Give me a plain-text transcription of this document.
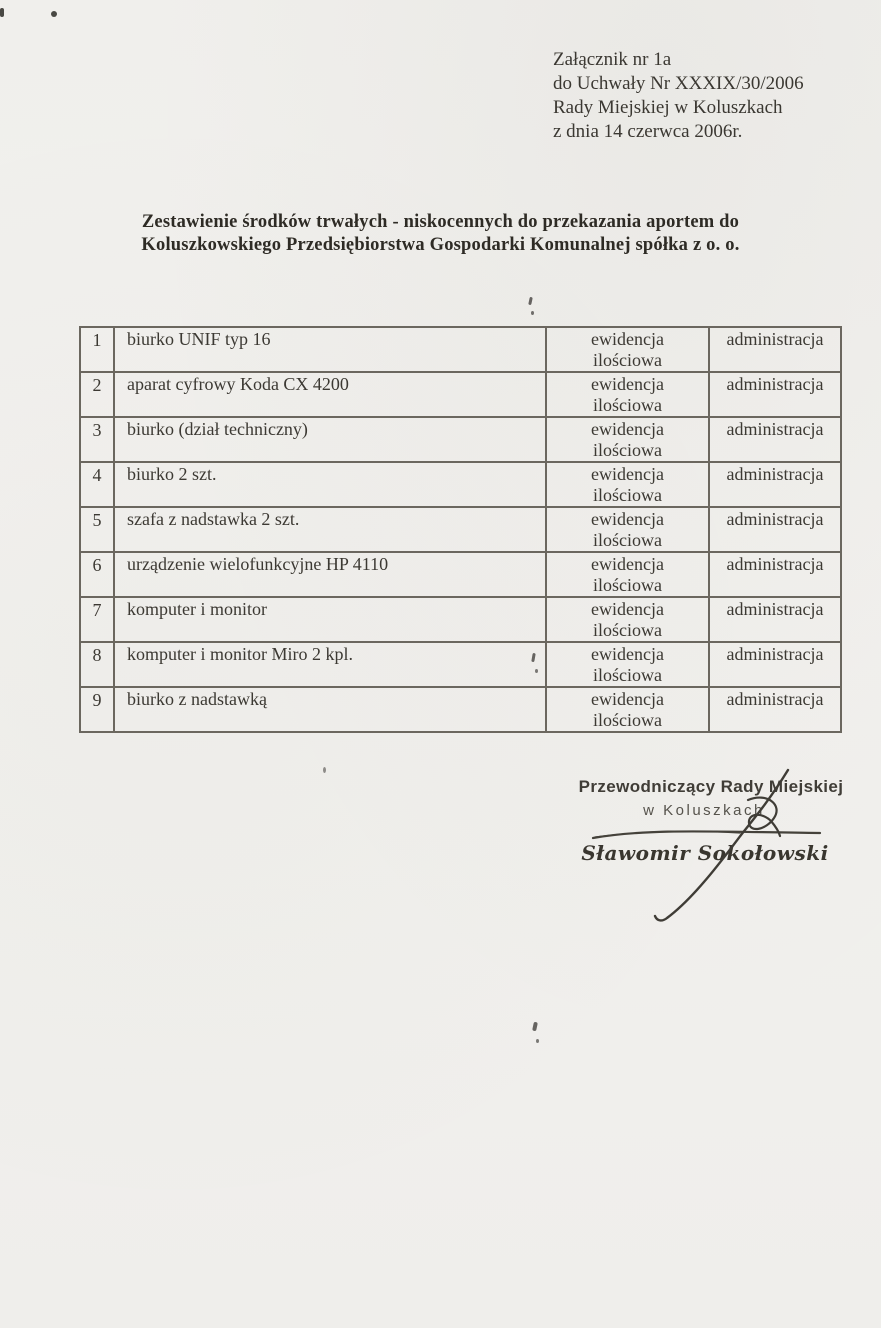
Załącznik nr 1a
do Uchwały Nr XXXIX/30/2006
Rady Miejskiej w Koluszkach
z dnia 14 czerwca 2006r.
Zestawienie środków trwałych - niskocennych do przekazania aportem do
Koluszkowskiego Przedsiębiorstwa Gospodarki Komunalnej spółka z o. o.
1	biurko UNIF typ 16	ewidencja ilościowa	administracja
2	aparat cyfrowy Koda CX 4200	ewidencja ilościowa	administracja
3	biurko (dział techniczny)	ewidencja ilościowa	administracja
4	biurko 2 szt.	ewidencja ilościowa	administracja
5	szafa z nadstawka 2 szt.	ewidencja ilościowa	administracja
6	urządzenie wielofunkcyjne HP 4110	ewidencja ilościowa	administracja
7	komputer i monitor	ewidencja ilościowa	administracja
8	komputer i monitor Miro 2 kpl.	ewidencja ilościowa	administracja
9	biurko z nadstawką	ewidencja ilościowa	administracja
Przewodniczący Rady Miejskiej
w Koluszkach
Sławomir Sokołowski
